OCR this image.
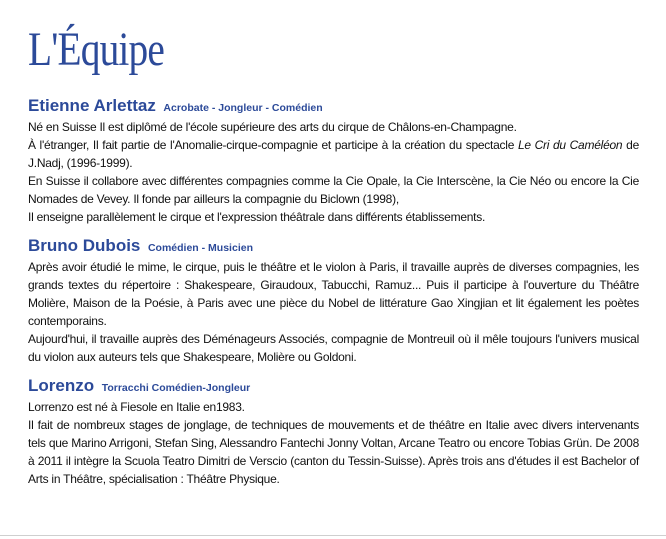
L'Équipe
Etienne Arlettaz Acrobate - Jongleur - Comédien

Né en Suisse Il est diplômé de l'école supérieure des arts du cirque de Châlons-en-Champagne.

À l'étranger, Il fait partie de l'Anomalie-cirque-compagnie et participe à la création du spectacle Le Cri du Caméléon de J.Nadj, (1996-1999).

En Suisse il collabore avec différentes compagnies comme la Cie Opale, la Cie Interscène, la Cie Néo ou encore la Cie Nomades de Vevey. Il fonde par ailleurs la compagnie du Biclown (1998),

Il enseigne parallèlement le cirque et l'expression théâtrale dans différents établissements.

Bruno Dubois Comédien - Musicien

Après avoir étudié le mime, le cirque, puis le théâtre et le violon à Paris, il travaille auprès de diverses compagnies, les grands textes du répertoire : Shakespeare, Giraudoux, Tabucchi, Ramuz... Puis il participe à l'ouverture du Théâtre Molière, Maison de la Poésie, à Paris avec une pièce du Nobel de littérature Gao Xingjian et lit également les poètes contemporains.

Aujourd'hui, il travaille auprès des Déménageurs Associés, compagnie de Montreuil où il mêle toujours l'univers musical du violon aux auteurs tels que Shakespeare, Molière ou Goldoni.

Lorenzo Torracchi Comédien-Jongleur

Lorrenzo est né à Fiesole en Italie en1983.

Il fait de nombreux stages de jonglage, de techniques de mouvements et de théâtre en Italie avec divers intervenants tels que Marino Arrigoni, Stefan Sing, Alessandro Fantechi Jonny Voltan, Arcane Teatro ou encore Tobias Grün. De 2008 à 2011 il intègre la Scuola Teatro Dimitri de Verscio (canton du Tessin-Suisse). Après trois ans d'études il est Bachelor of Arts in Théâtre, spécialisation : Théâtre Physique.
